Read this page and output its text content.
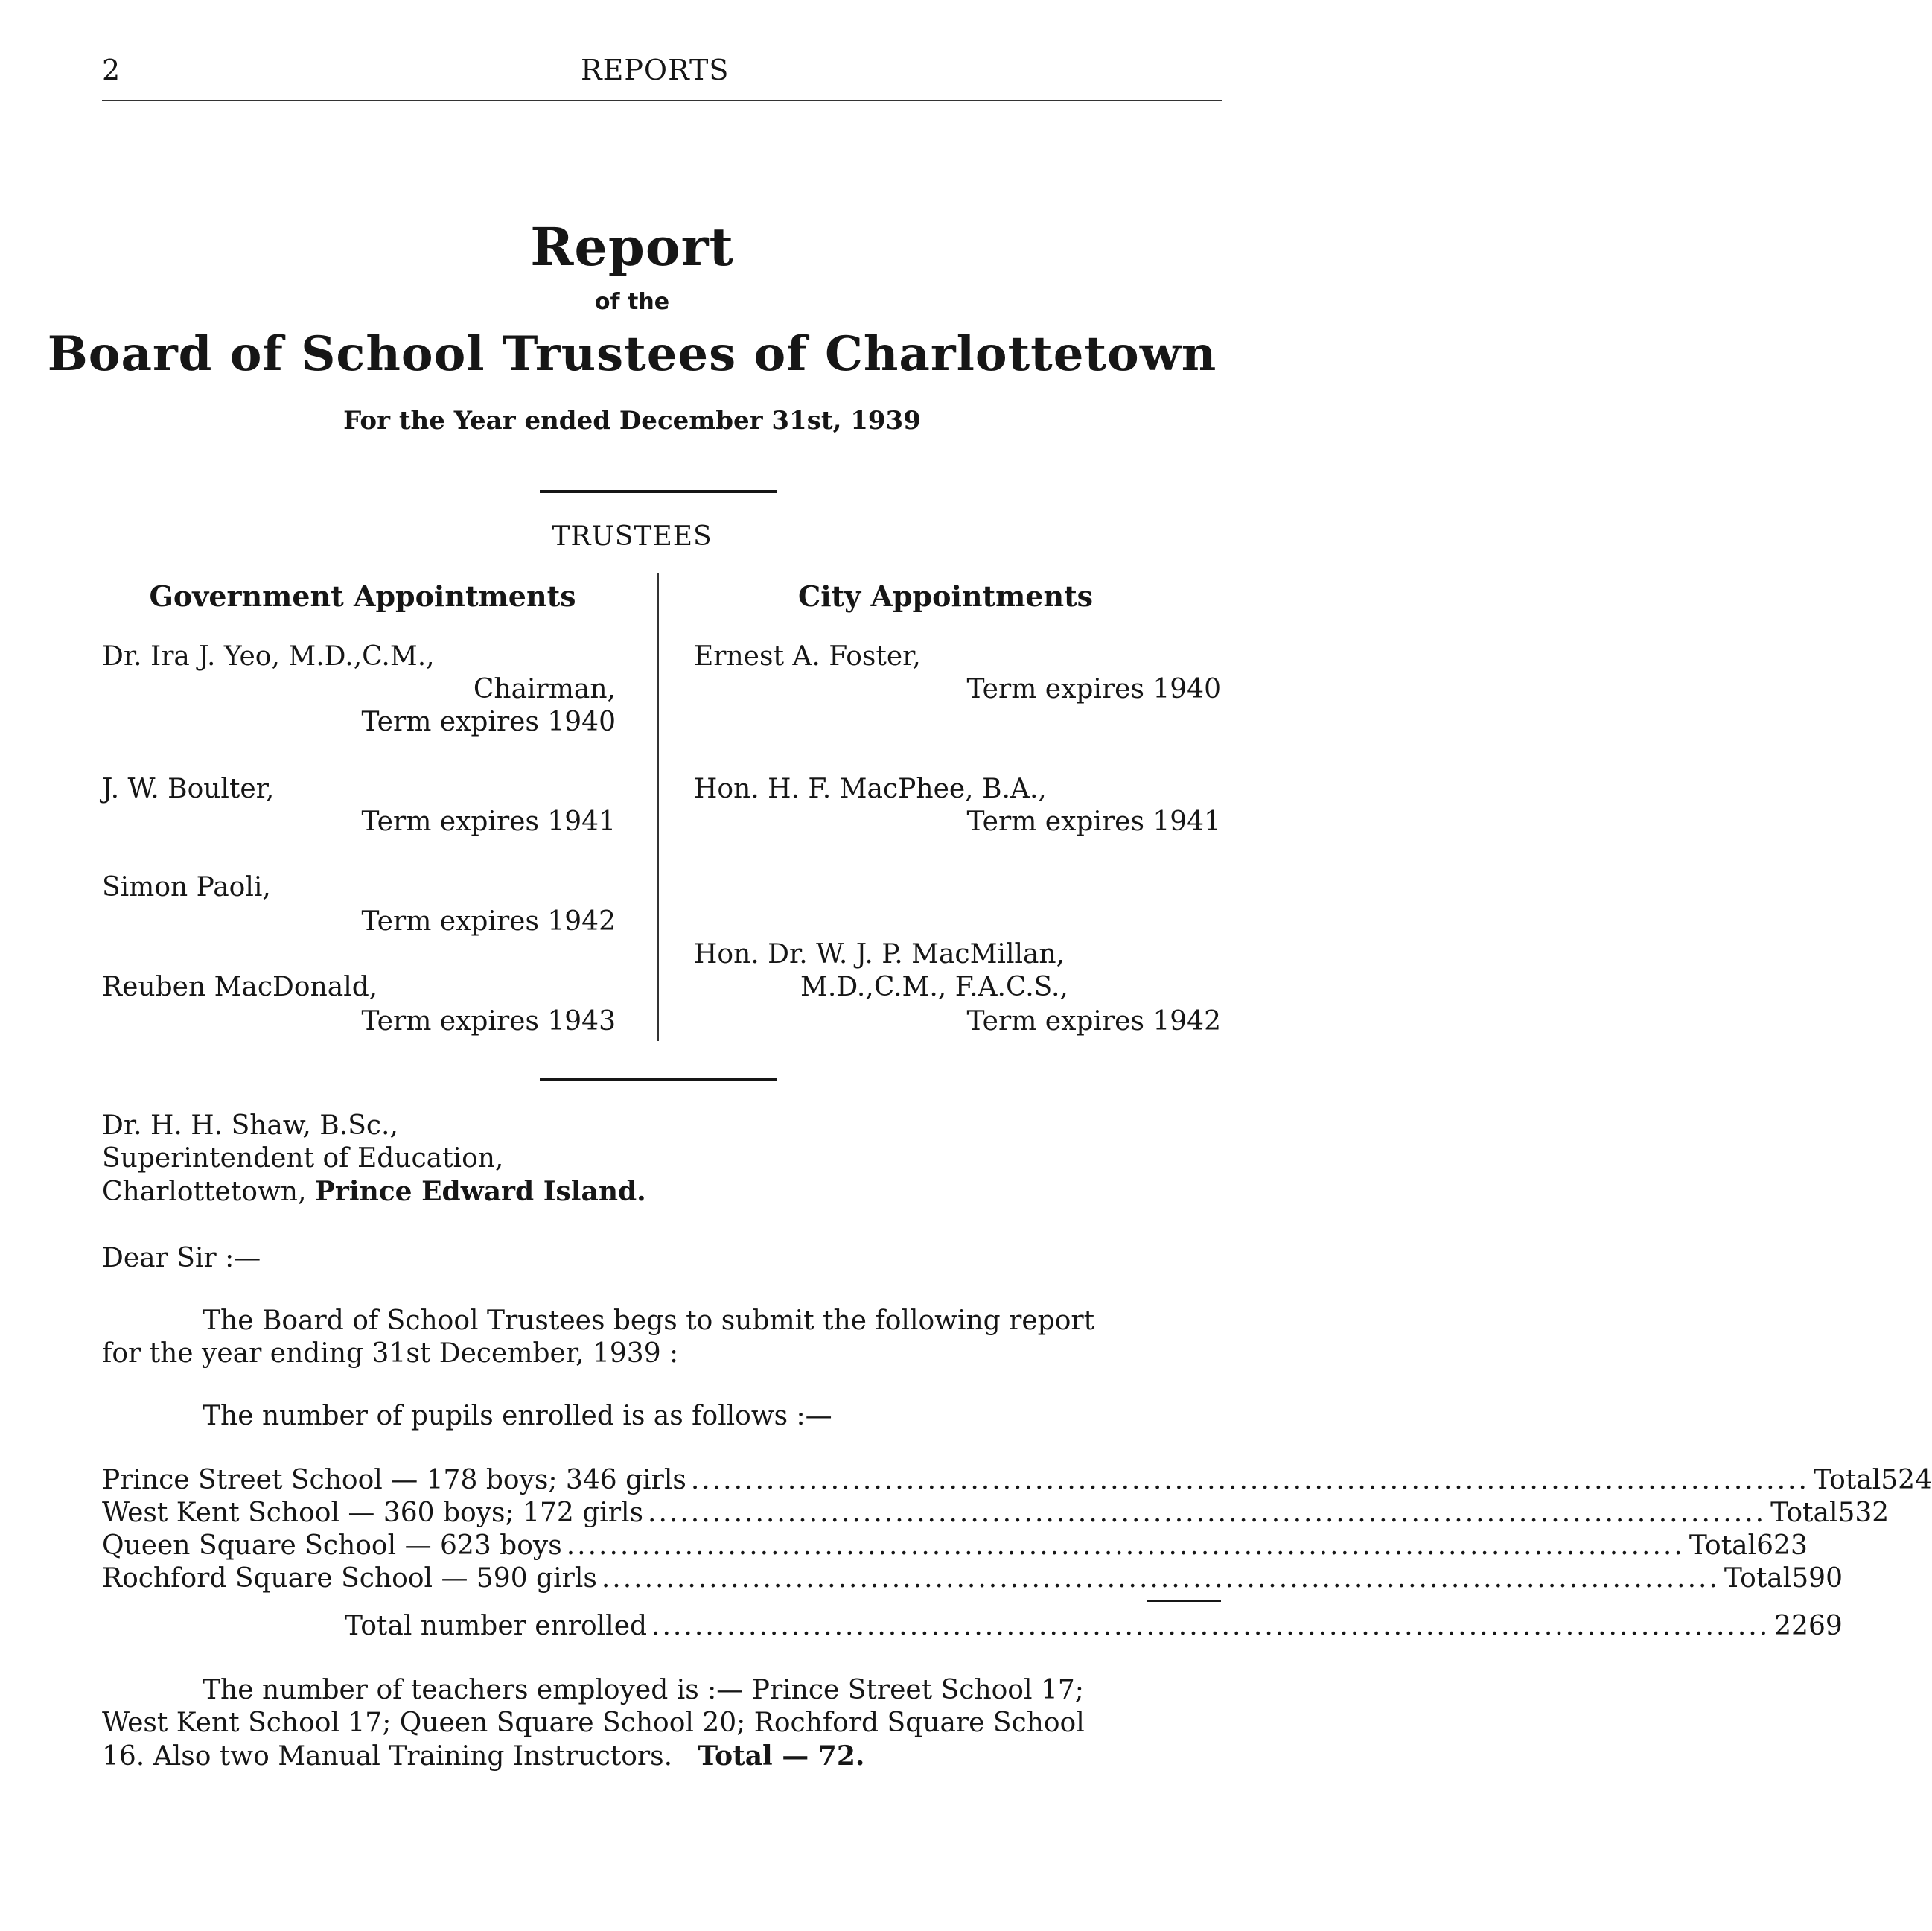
2	REPORTS
Report
of the
Board of School Trustees of Charlottetown
For the Year ended December 31st, 1939
TRUSTEES
Government Appointments	City Appointments
Dr. Ira J. Yeo, M.D.,C.M.,
Chairman,
Term expires 1940
J. W. Boulter,
Term expires 1941
Simon Paoli,
Term expires 1942
Reuben MacDonald,
Term expires 1943
Ernest A. Foster,
Term expires 1940
Hon. H. F. MacPhee, B.A.,
Term expires 1941
Hon. Dr. W. J. P. MacMillan,
M.D.,C.M., F.A.C.S.,
Term expires 1942
Dr. H. H. Shaw, B.Sc.,
Superintendent of Education,
Charlottetown, Prince Edward Island.
Dear Sir :—
The Board of School Trustees begs to submit the following report
for the year ending 31st December, 1939 :
The number of pupils enrolled is as follows :—
Prince Street School — 178 boys; 346 girls ........................................................................................................ Total 524
West Kent School — 360 boys; 172 girls ........................................................................................................ Total 532
Queen Square School — 623 boys ........................................................................................................ Total 623
Rochford Square School — 590 girls ........................................................................................................ Total 590
Total number enrolled ........................................................................................................ 2269
The number of teachers employed is :— Prince Street School 17;
West Kent School 17; Queen Square School 20; Rochford Square School
16. Also two Manual Training Instructors. Total — 72.
